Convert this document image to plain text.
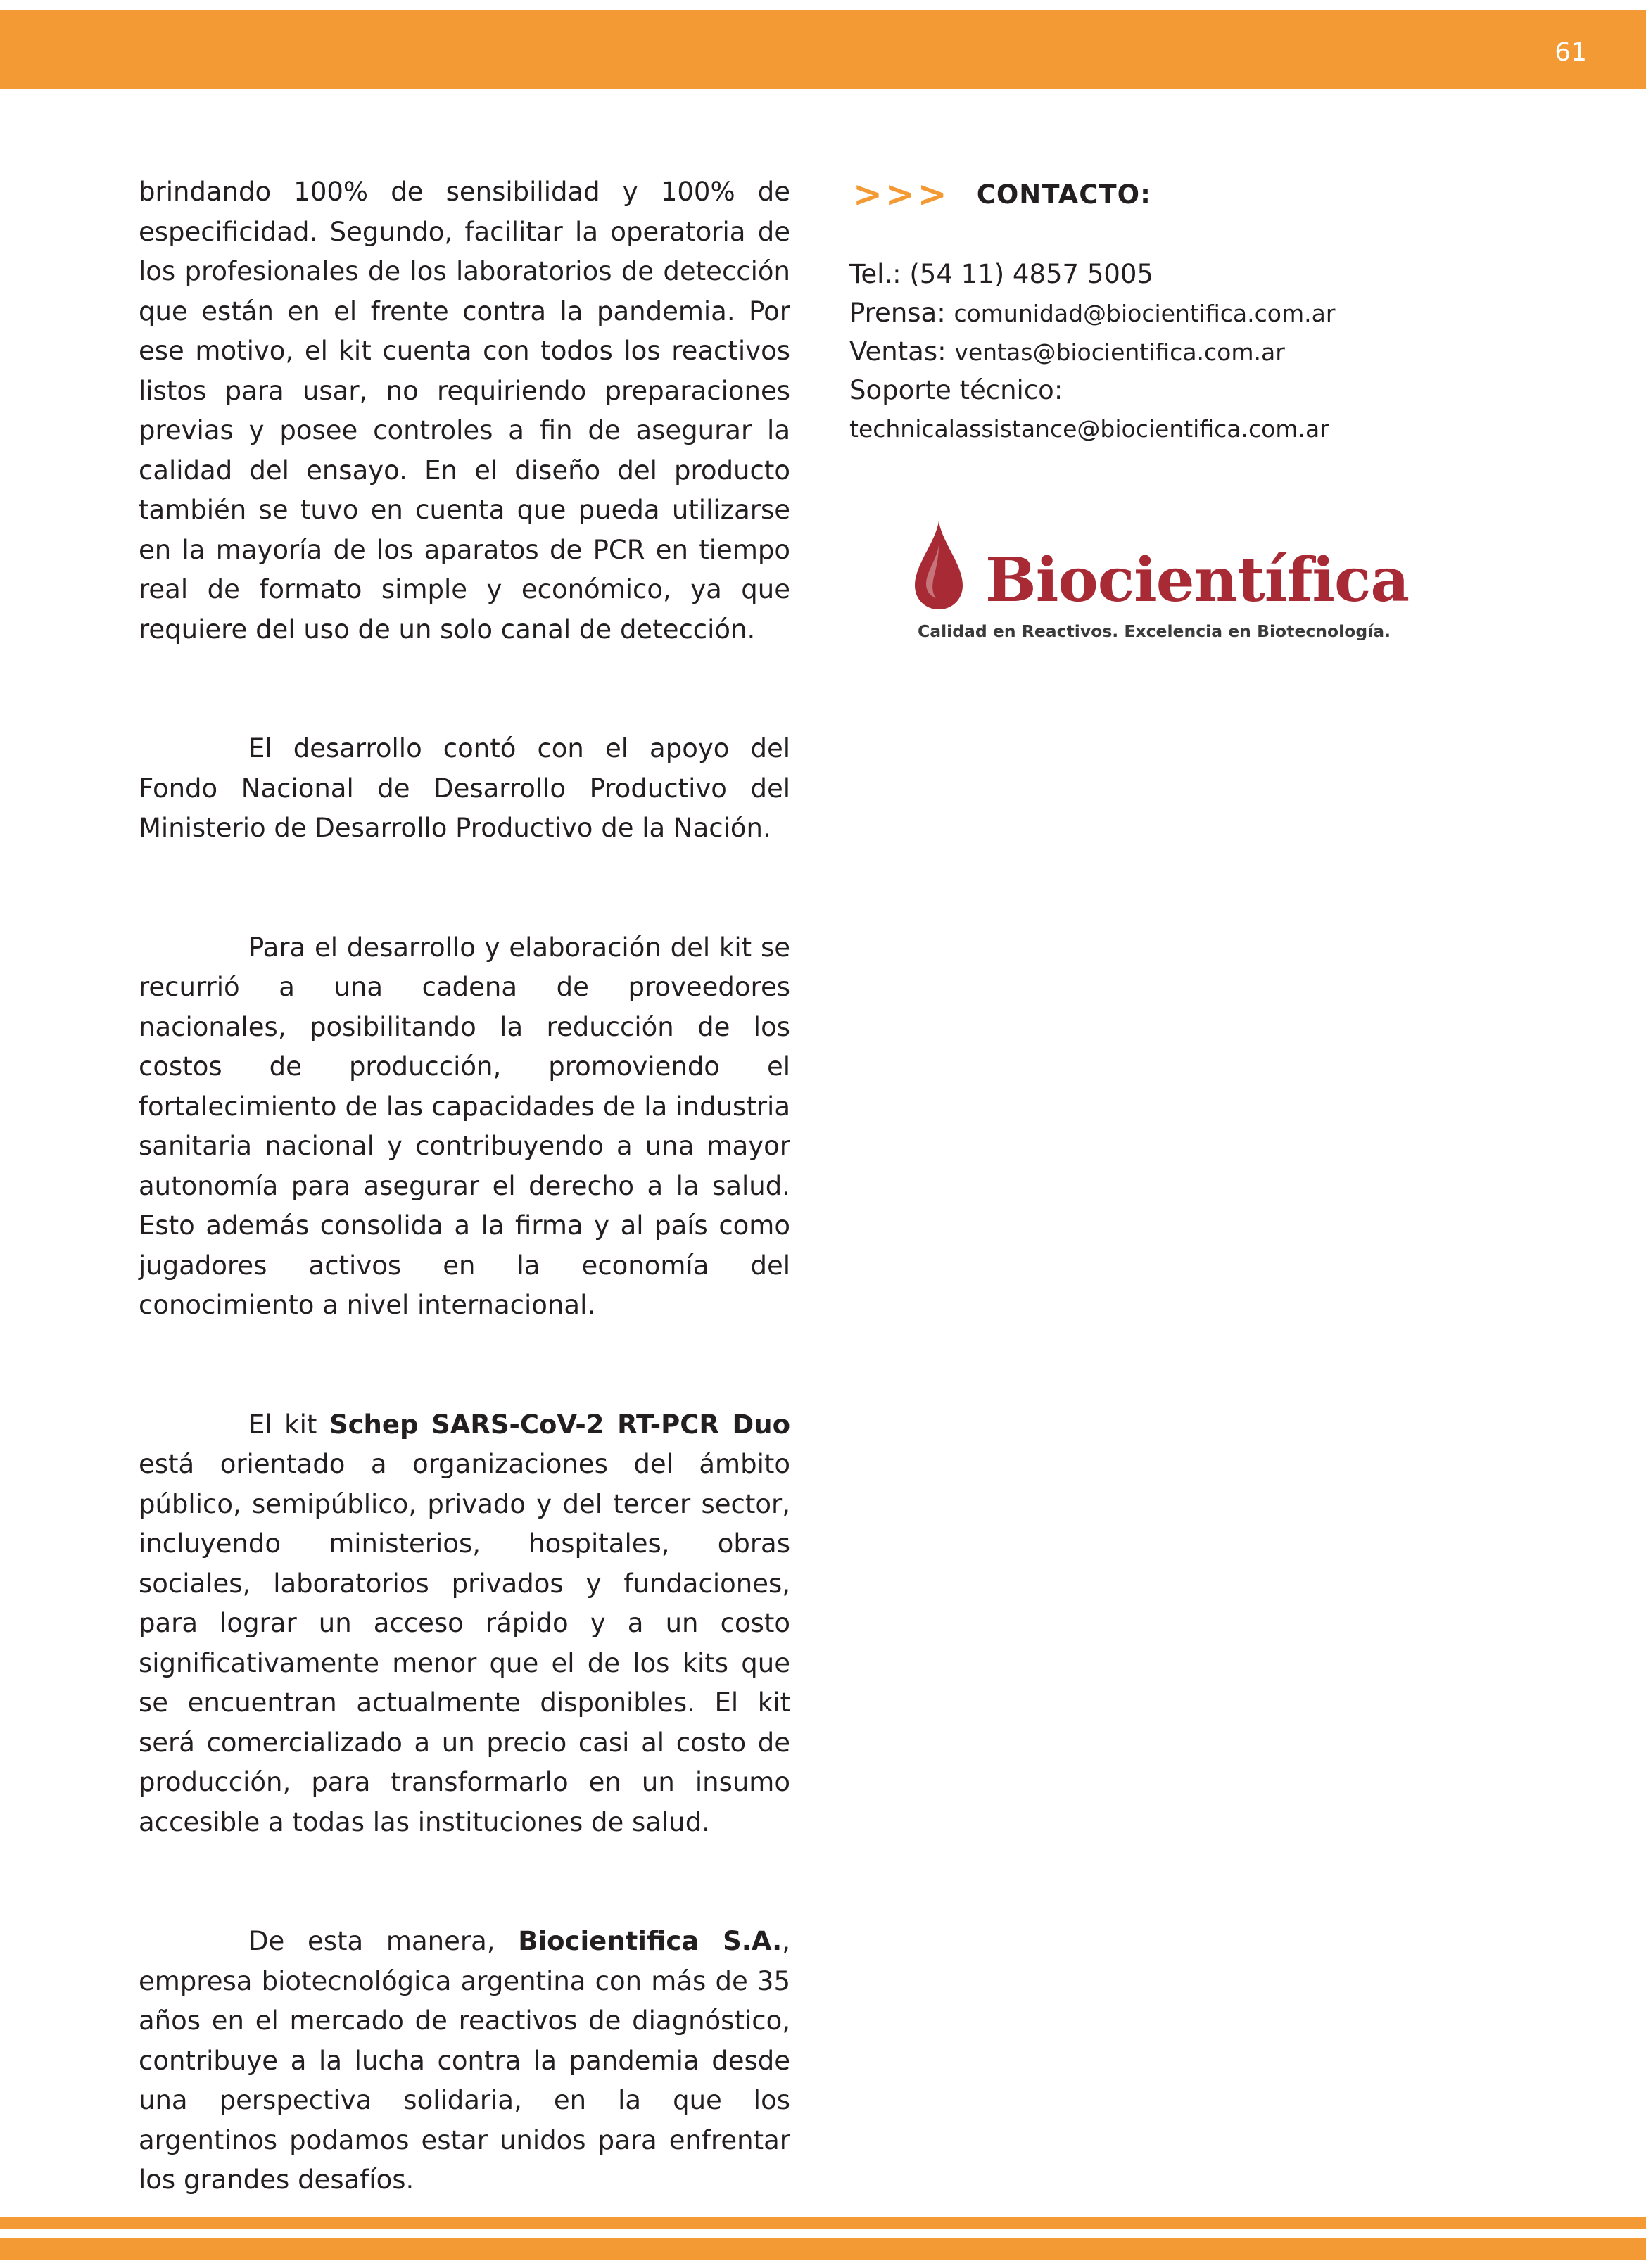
61

brindando 100% de sensibilidad y 100% de especificidad. Segundo, facilitar la operatoria de los profesionales de los laboratorios de detección que están en el frente contra la pandemia. Por ese motivo, el kit cuenta con todos los reactivos listos para usar, no requiriendo preparaciones previas y posee controles a fin de asegurar la calidad del ensayo. En el diseño del producto también se tuvo en cuenta que pueda utilizarse en la mayoría de los aparatos de PCR en tiempo real de formato simple y económico, ya que requiere del uso de un solo canal de detección.

El desarrollo contó con el apoyo del Fondo Nacional de Desarrollo Productivo del Ministerio de Desarrollo Productivo de la Nación.

Para el desarrollo y elaboración del kit se recurrió a una cadena de proveedores nacionales, posibilitando la reducción de los costos de producción, promoviendo el fortalecimiento de las capacidades de la industria sanitaria nacional y contribuyendo a una mayor autonomía para asegurar el derecho a la salud. Esto además consolida a la firma y al país como jugadores activos en la economía del conocimiento a nivel internacional.

El kit Schep SARS-CoV-2 RT-PCR Duo está orientado a organizaciones del ámbito público, semipúblico, privado y del tercer sector, incluyendo ministerios, hospitales, obras sociales, laboratorios privados y fundaciones, para lograr un acceso rápido y a un costo significativamente menor que el de los kits que se encuentran actualmente disponibles. El kit será comercializado a un precio casi al costo de producción, para transformarlo en un insumo accesible a todas las instituciones de salud.

De esta manera, Biocientifica S.A., empresa biotecnológica argentina con más de 35 años en el mercado de reactivos de diagnóstico, contribuye a la lucha contra la pandemia desde una perspectiva solidaria, en la que los argentinos podamos estar unidos para enfrentar los grandes desafíos.

>>> CONTACTO:
Tel.: (54 11) 4857 5005
Prensa: comunidad@biocientifica.com.ar
Ventas: ventas@biocientifica.com.ar
Soporte técnico:
technicalassistance@biocientifica.com.ar
Biocientífica
Calidad en Reactivos. Excelencia en Biotecnología.
